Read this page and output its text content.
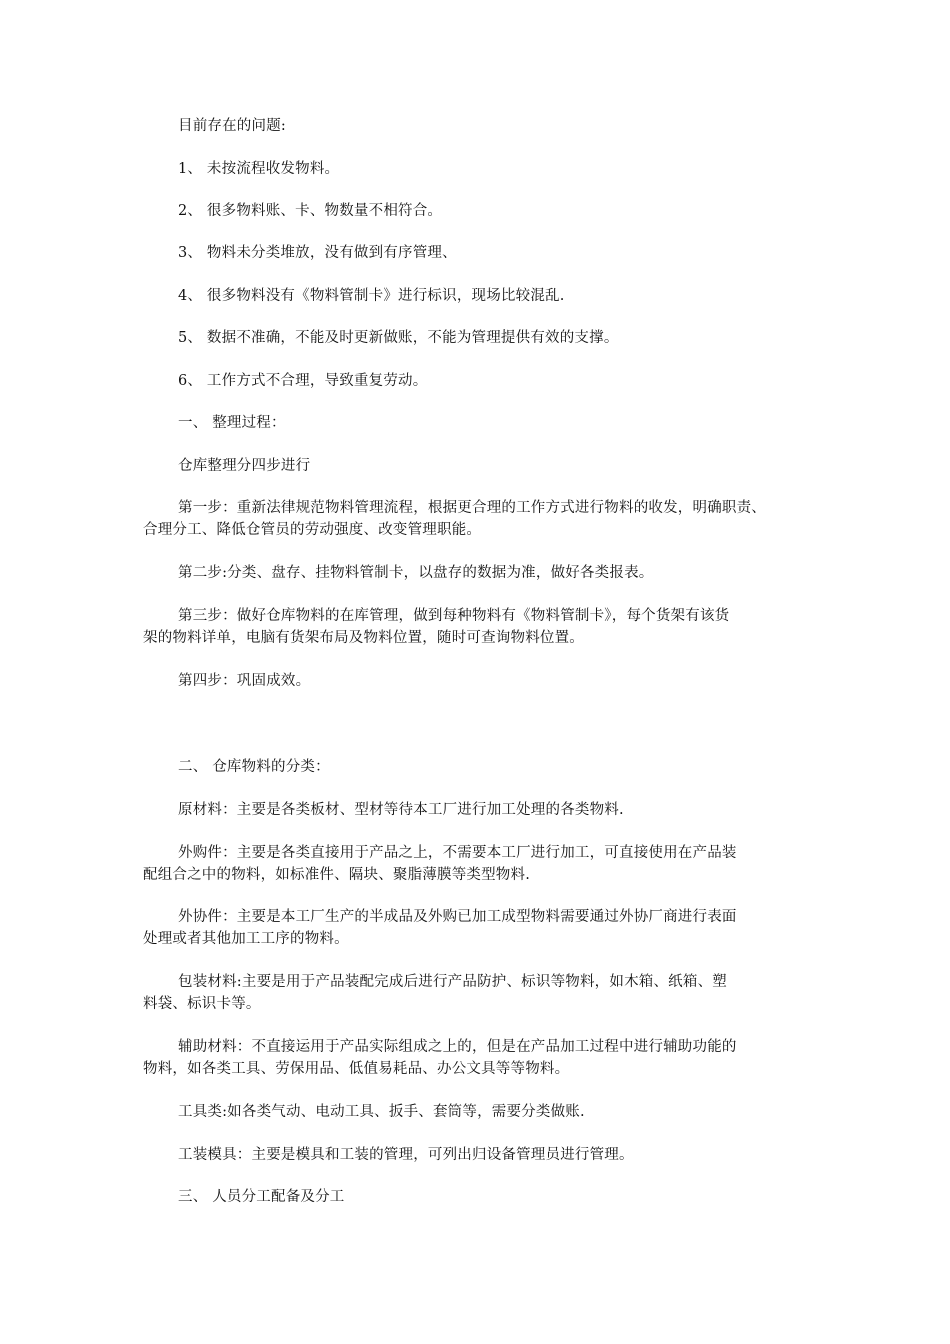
目前存在的问题:
1、 未按流程收发物料。
2、 很多物料账、卡、物数量不相符合。
3、 物料未分类堆放，没有做到有序管理、
4、 很多物料没有《物料管制卡》进行标识，现场比较混乱.
5、 数据不准确，不能及时更新做账，不能为管理提供有效的支撑。
6、 工作方式不合理，导致重复劳动。
一、 整理过程：
仓库整理分四步进行
第一步：重新法律规范物料管理流程，根据更合理的工作方式进行物料的收发，明确职责、
合理分工、降低仓管员的劳动强度、改变管理职能。
第二步:分类、盘存、挂物料管制卡，以盘存的数据为准，做好各类报表。
第三步：做好仓库物料的在库管理，做到每种物料有《物料管制卡》，每个货架有该货
架的物料详单，电脑有货架布局及物料位置，随时可查询物料位置。
第四步：巩固成效。
二、 仓库物料的分类：
原材料：主要是各类板材、型材等待本工厂进行加工处理的各类物料.
外购件：主要是各类直接用于产品之上，不需要本工厂进行加工，可直接使用在产品装
配组合之中的物料，如标准件、隔块、聚脂薄膜等类型物料.
外协件：主要是本工厂生产的半成品及外购已加工成型物料需要通过外协厂商进行表面
处理或者其他加工工序的物料。
包装材料:主要是用于产品装配完成后进行产品防护、标识等物料，如木箱、纸箱、塑
料袋、标识卡等。
辅助材料：不直接运用于产品实际组成之上的，但是在产品加工过程中进行辅助功能的
物料，如各类工具、劳保用品、低值易耗品、办公文具等等物料。
工具类:如各类气动、电动工具、扳手、套筒等，需要分类做账.
工装模具：主要是模具和工装的管理，可列出归设备管理员进行管理。
三、 人员分工配备及分工
